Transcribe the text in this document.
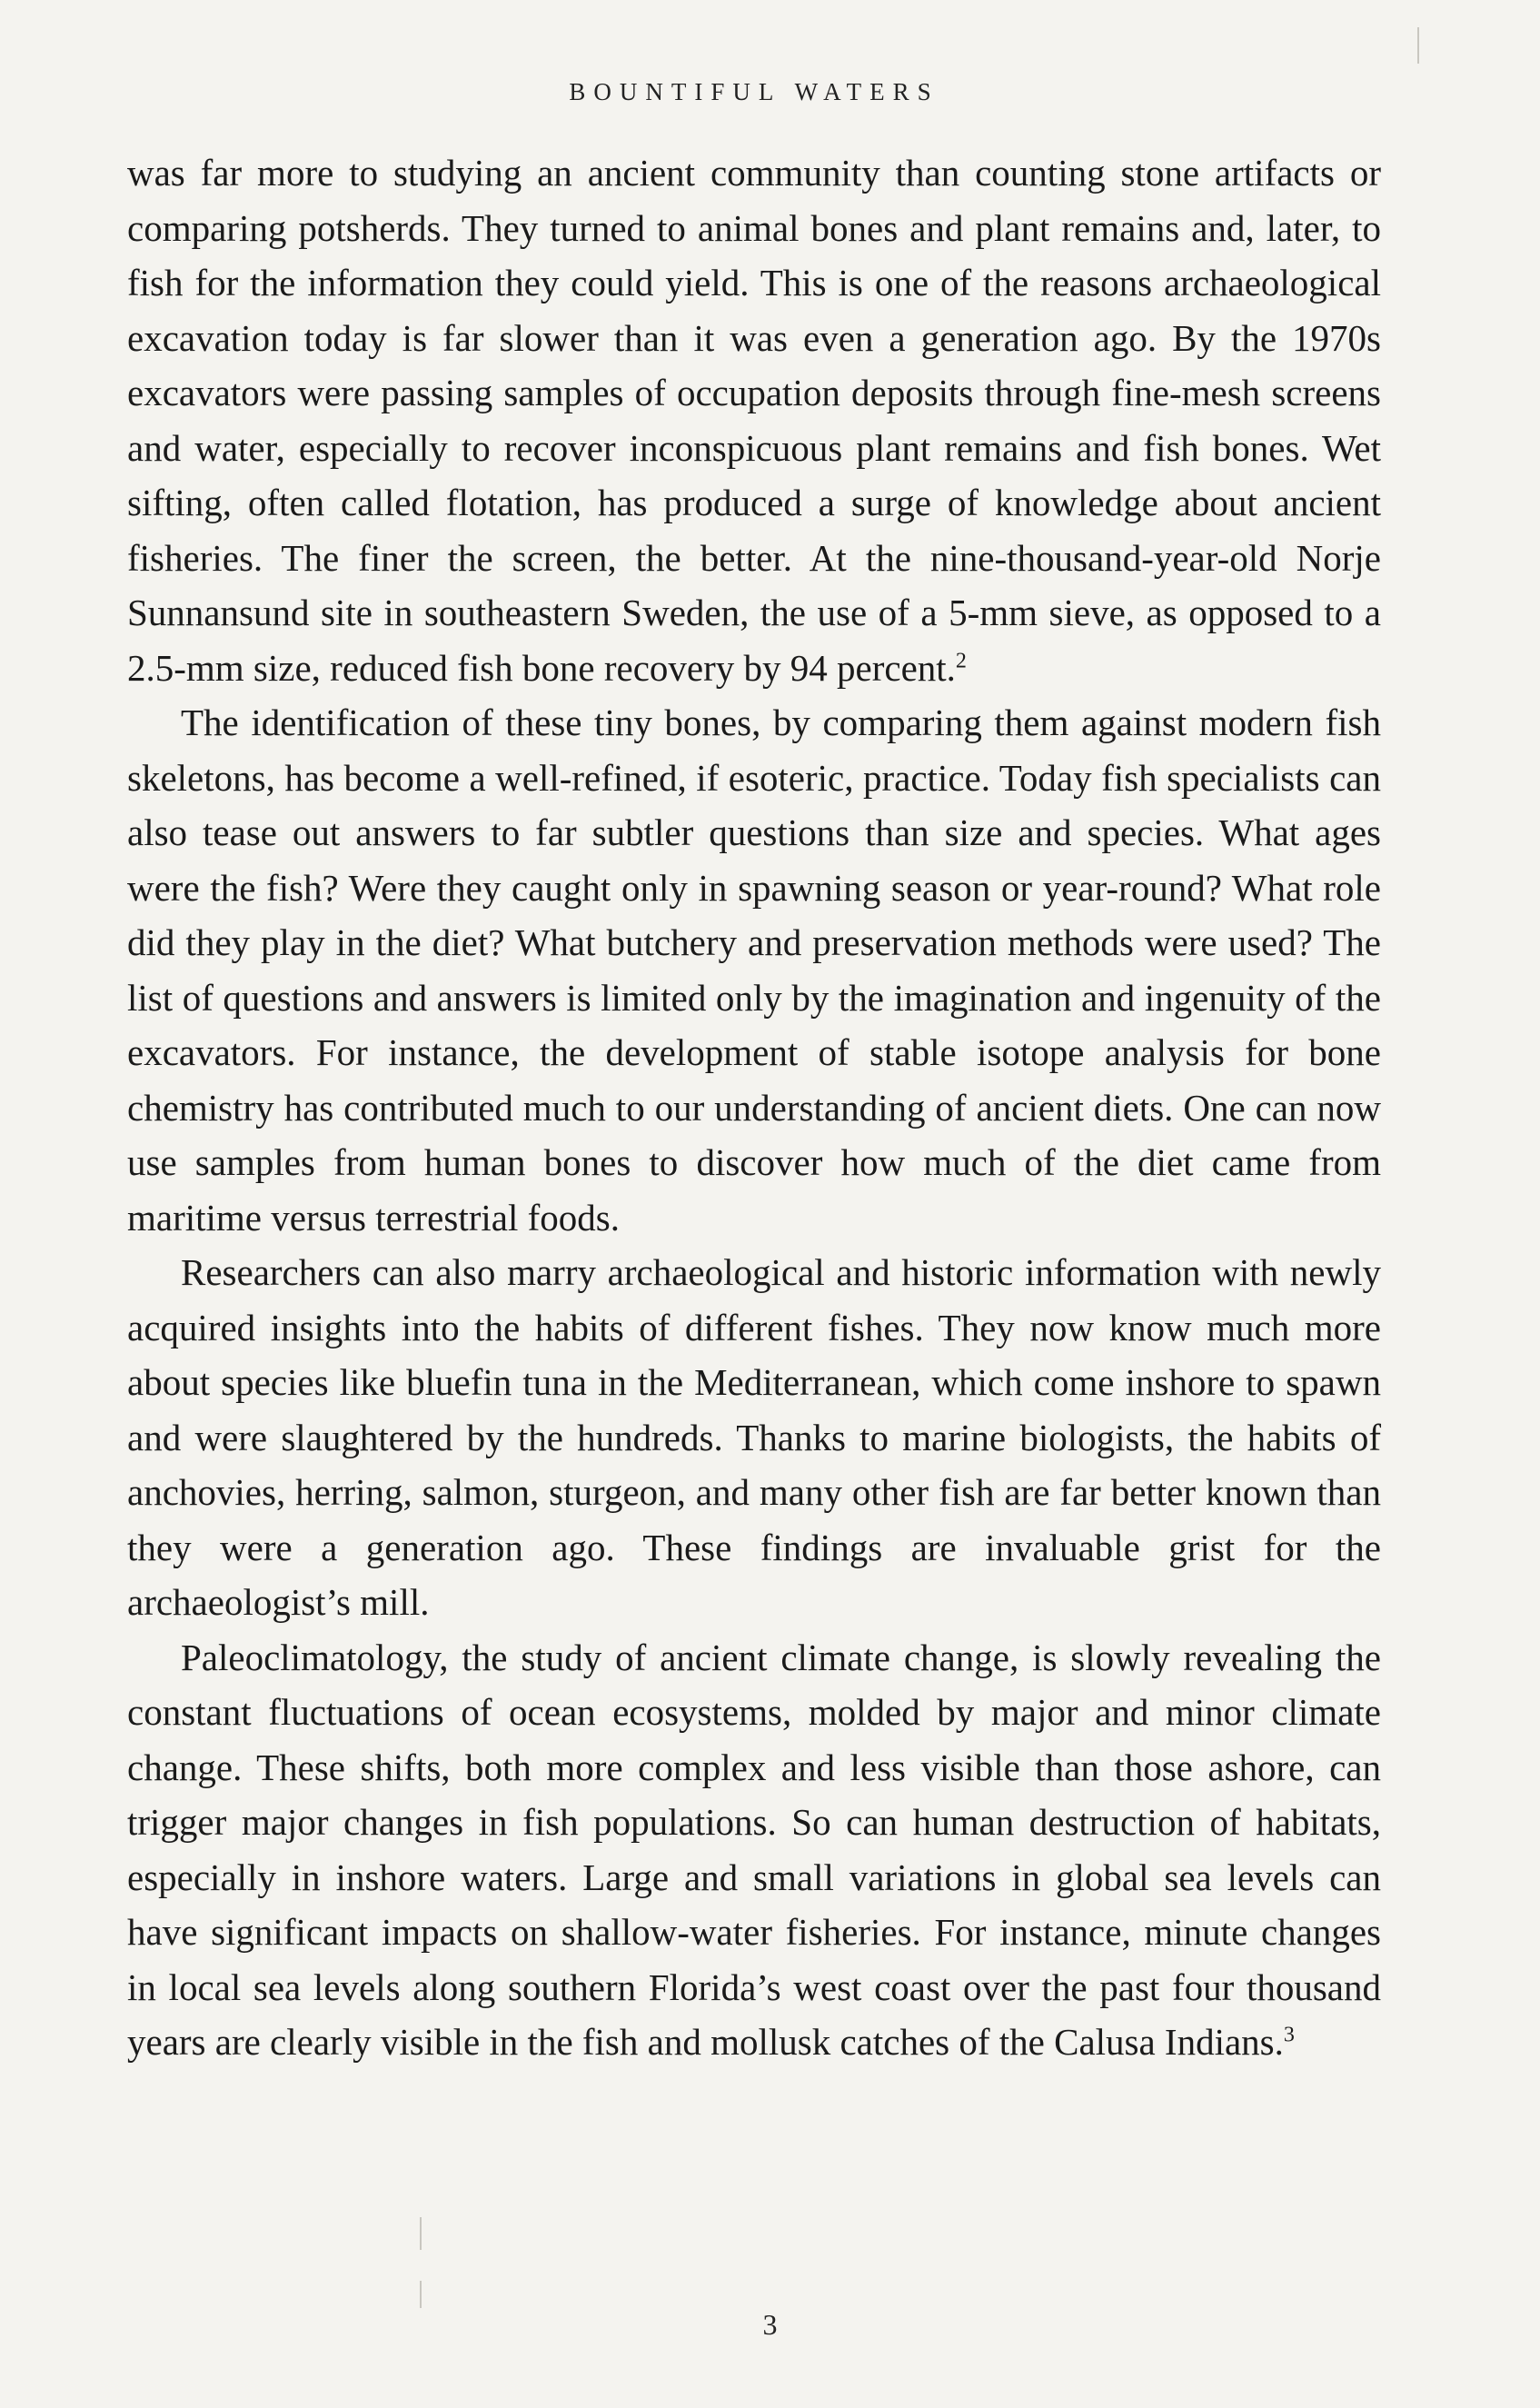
BOUNTIFUL WATERS

was far more to studying an ancient community than counting stone artifacts or comparing potsherds. They turned to animal bones and plant remains and, later, to fish for the information they could yield. This is one of the reasons archaeological excavation today is far slower than it was even a generation ago. By the 1970s excavators were passing samples of occupation deposits through fine-mesh screens and water, especially to recover inconspicuous plant remains and fish bones. Wet sifting, often called flotation, has produced a surge of knowledge about ancient fisheries. The finer the screen, the better. At the nine-thousand-year-old Norje Sunnansund site in southeastern Sweden, the use of a 5-mm sieve, as opposed to a 2.5-mm size, reduced fish bone recovery by 94 percent.$^2$

The identification of these tiny bones, by comparing them against modern fish skeletons, has become a well-refined, if esoteric, practice. Today fish specialists can also tease out answers to far subtler questions than size and species. What ages were the fish? Were they caught only in spawning season or year-round? What role did they play in the diet? What butchery and preservation methods were used? The list of questions and answers is limited only by the imagination and ingenuity of the excavators. For instance, the development of stable isotope analysis for bone chemistry has contributed much to our understanding of ancient diets. One can now use samples from human bones to discover how much of the diet came from maritime versus terrestrial foods.

Researchers can also marry archaeological and historic information with newly acquired insights into the habits of different fishes. They now know much more about species like bluefin tuna in the Mediterranean, which come inshore to spawn and were slaughtered by the hundreds. Thanks to marine biologists, the habits of anchovies, herring, salmon, sturgeon, and many other fish are far better known than they were a generation ago. These findings are invaluable grist for the archaeologist’s mill.

Paleoclimatology, the study of ancient climate change, is slowly revealing the constant fluctuations of ocean ecosystems, molded by major and minor climate change. These shifts, both more complex and less visible than those ashore, can trigger major changes in fish populations. So can human destruction of habitats, especially in inshore waters. Large and small variations in global sea levels can have significant impacts on shallow-water fisheries. For instance, minute changes in local sea levels along southern Florida’s west coast over the past four thousand years are clearly visible in the fish and mollusk catches of the Calusa Indians.$^3$

3
